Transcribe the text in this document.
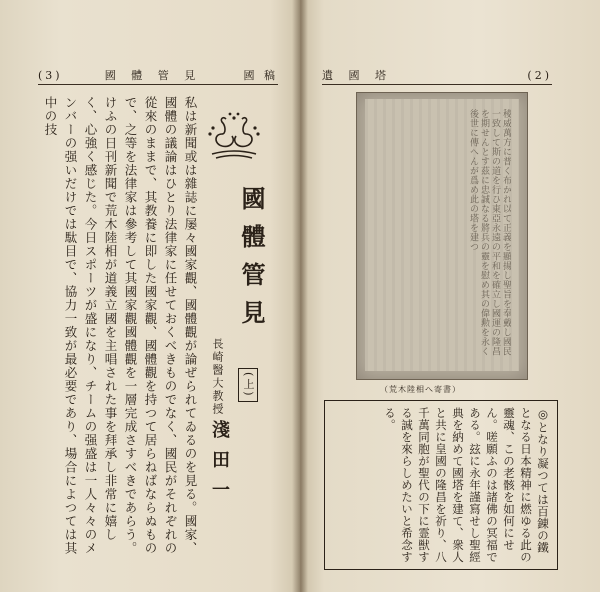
(3)	國 體 管 見	國 稿	遺 國 塔	(2)
私は新聞或は雜誌に屡々國家觀、國體觀が論ぜられてゐるのを見る。國家、國體の議論はひとり法律家に任せておくべきものでなく、國民がそれぞれの從來のままで、其教養に即した國家觀、國體觀を持つて居らねばならぬもので、之等を法律家は參考して其國家觀國體觀を一層完成さすべきであらう。けふの日刊新聞で荒木陸相が道義立國を主唱された事を拜承し非常に嬉しく、心強く感じた。今日スポーツが盛になり、チームの强盛は一人々々のメンバーの强いだけでは駄目で、協力一致が最必要であり、場合によつては其中の技
國體管見
(上)
長崎醫大教授
淺田一
稜威萬方に普く布かれ以て正義を顯揚し聖旨を奉戴し國民一致して斯の道を行ひ東亞永遠の平和を確立し國運の隆昌を期せんとす茲に忠誠なる將兵の靈を慰め其の偉勲を永く後世に傳へんが爲め此の塔を建つ
（荒木陸相へ寄書）
◎となり凝つては百錬の鐵となる日本精神に燃ゆる此の靈魂、この老骸を如何にせん。嗟願ふのは諸佛の冥福である。玆に永年謹寫せし聖經典を納めて國塔を建て、衆人と共に皇國の隆昌を祈り、八千萬同胞が聖代の下に霊獣する誠を來らしめたいと希念する。
